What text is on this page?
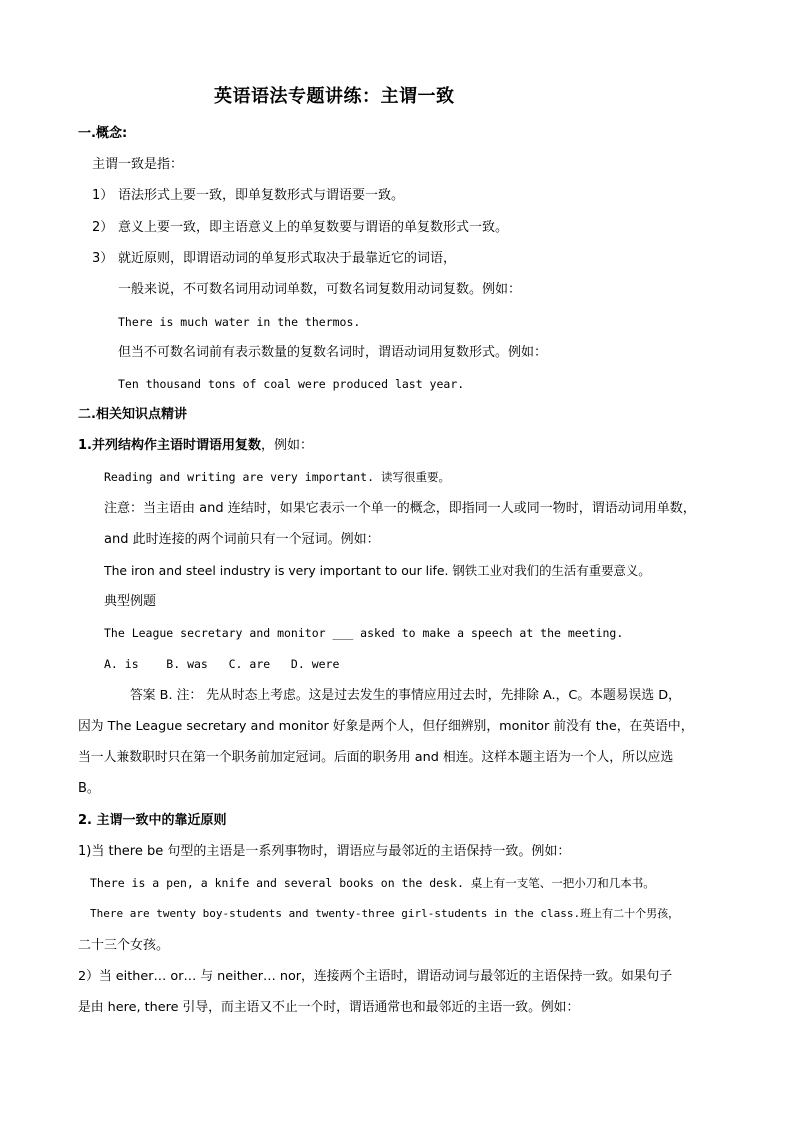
英语语法专题讲练：主谓一致
一.概念:
主谓一致是指：
1） 语法形式上要一致，即单复数形式与谓语要一致。
2） 意义上要一致，即主语意义上的单复数要与谓语的单复数形式一致。
3） 就近原则，即谓语动词的单复形式取决于最靠近它的词语，
一般来说，不可数名词用动词单数，可数名词复数用动词复数。例如：
There is much water in the thermos.
但当不可数名词前有表示数量的复数名词时，谓语动词用复数形式。例如：
Ten thousand tons of coal were produced last year.
二.相关知识点精讲
1.并列结构作主语时谓语用复数，例如：
Reading and writing are very important. 读写很重要。
注意：当主语由 and 连结时，如果它表示一个单一的概念，即指同一人或同一物时，谓语动词用单数，
and 此时连接的两个词前只有一个冠词。例如：
The iron and steel industry is very important to our life. 钢铁工业对我们的生活有重要意义。
典型例题
The League secretary and monitor ___ asked to make a speech at the meeting.
A. is    B. was   C. are   D. were
答案 B. 注： 先从时态上考虑。这是过去发生的事情应用过去时，先排除 A.，C。本题易误选 D，
因为 The League secretary and monitor 好象是两个人，但仔细辨别，monitor 前没有 the，在英语中，
当一人兼数职时只在第一个职务前加定冠词。后面的职务用 and 相连。这样本题主语为一个人，所以应选
B。
2. 主谓一致中的靠近原则
1)当 there be 句型的主语是一系列事物时，谓语应与最邻近的主语保持一致。例如：
There is a pen, a knife and several books on the desk. 桌上有一支笔、一把小刀和几本书。
There are twenty boy-students and twenty-three girl-students in the class.班上有二十个男孩，
二十三个女孩。
2）当 either… or… 与 neither… nor，连接两个主语时，谓语动词与最邻近的主语保持一致。如果句子
是由 here, there 引导，而主语又不止一个时，谓语通常也和最邻近的主语一致。例如：
